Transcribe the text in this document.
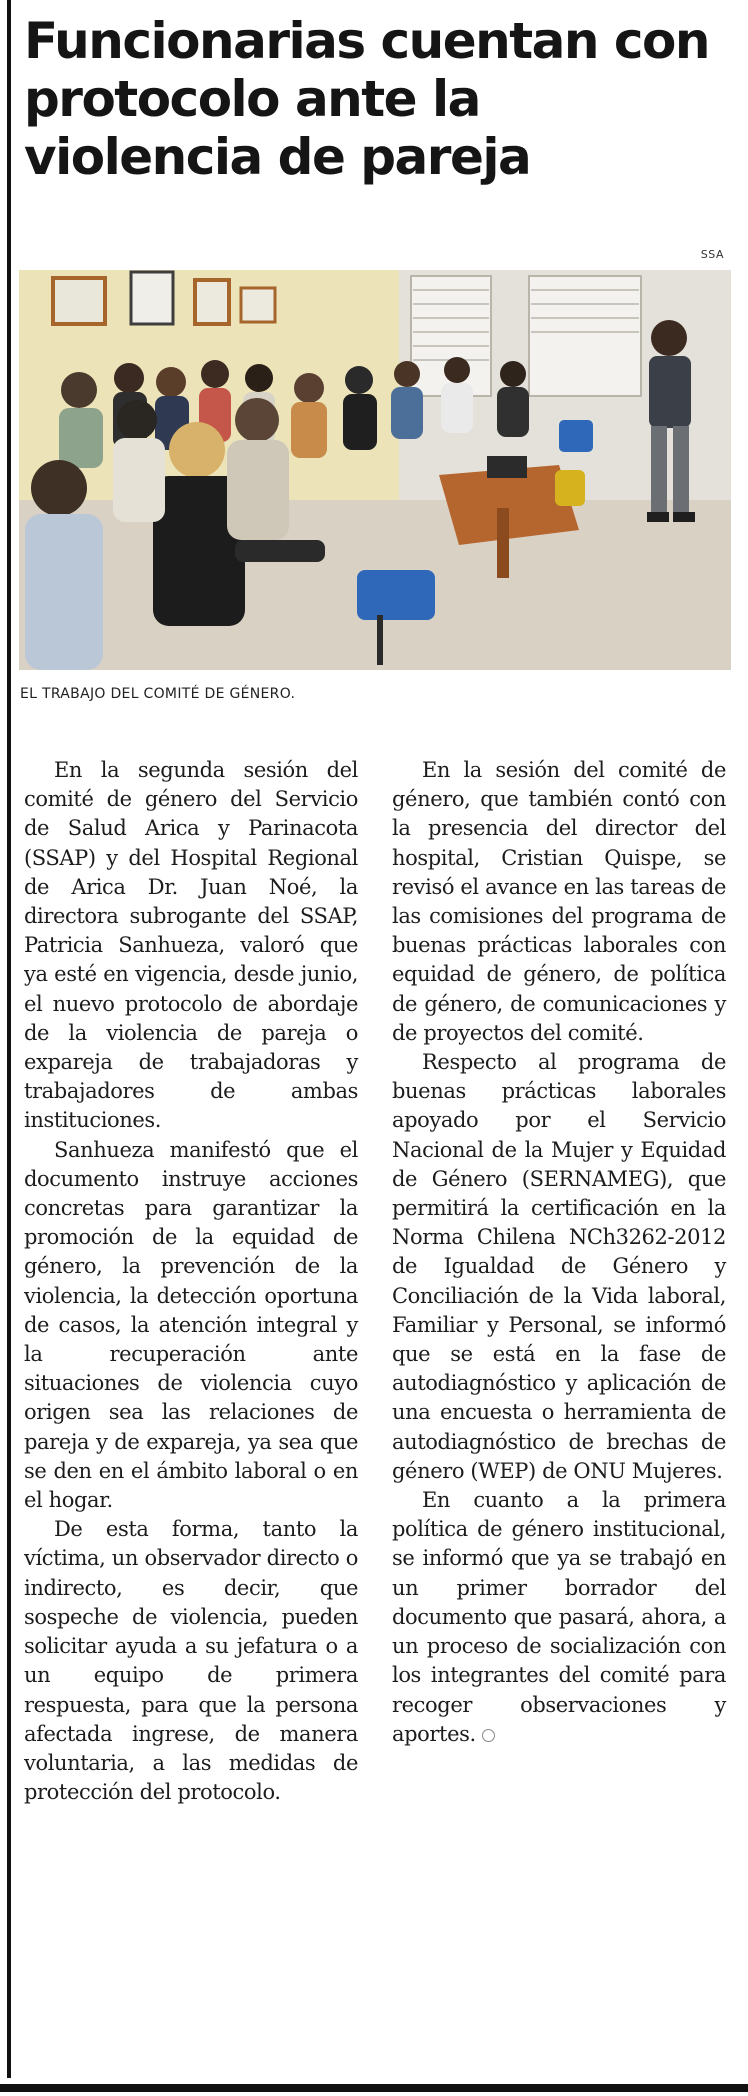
Funcionarias cuentan con protocolo ante la violencia de pareja
SSA
EL TRABAJO DEL COMITÉ DE GÉNERO.

En la segunda sesión del comité de género del Servicio de Salud Arica y Parinacota (SSAP) y del Hospital Regional de Arica Dr. Juan Noé, la directora subrogante del SSAP, Patricia Sanhueza, valoró que ya esté en vigencia, desde junio, el nuevo protocolo de abordaje de la violencia de pareja o expareja de trabajadoras y trabajadores de ambas instituciones.

Sanhueza manifestó que el documento instruye acciones concretas para garantizar la promoción de la equidad de género, la prevención de la violencia, la detección oportuna de casos, la atención integral y la recuperación ante situaciones de violencia cuyo origen sea las relaciones de pareja y de expareja, ya sea que se den en el ámbito laboral o en el hogar.

De esta forma, tanto la víctima, un observador directo o indirecto, es decir, que sospeche de violencia, pueden solicitar ayuda a su jefatura o a un equipo de primera respuesta, para que la persona afectada ingrese, de manera voluntaria, a las medidas de protección del protocolo.

En la sesión del comité de género, que también contó con la presencia del director del hospital, Cristian Quispe, se revisó el avance en las tareas de las comisiones del programa de buenas prácticas laborales con equidad de género, de política de género, de comunicaciones y de proyectos del comité.

Respecto al programa de buenas prácticas laborales apoyado por el Servicio Nacional de la Mujer y Equidad de Género (SERNAMEG), que permitirá la certificación en la Norma Chilena NCh3262-2012 de Igualdad de Género y Conciliación de la Vida laboral, Familiar y Personal, se informó que se está en la fase de autodiagnóstico y aplicación de una encuesta o herramienta de autodiagnóstico de brechas de género (WEP) de ONU Mujeres.

En cuanto a la primera política de género institucional, se informó que ya se trabajó en un primer borrador del documento que pasará, ahora, a un proceso de socialización con los integrantes del comité para recoger observaciones y aportes.
